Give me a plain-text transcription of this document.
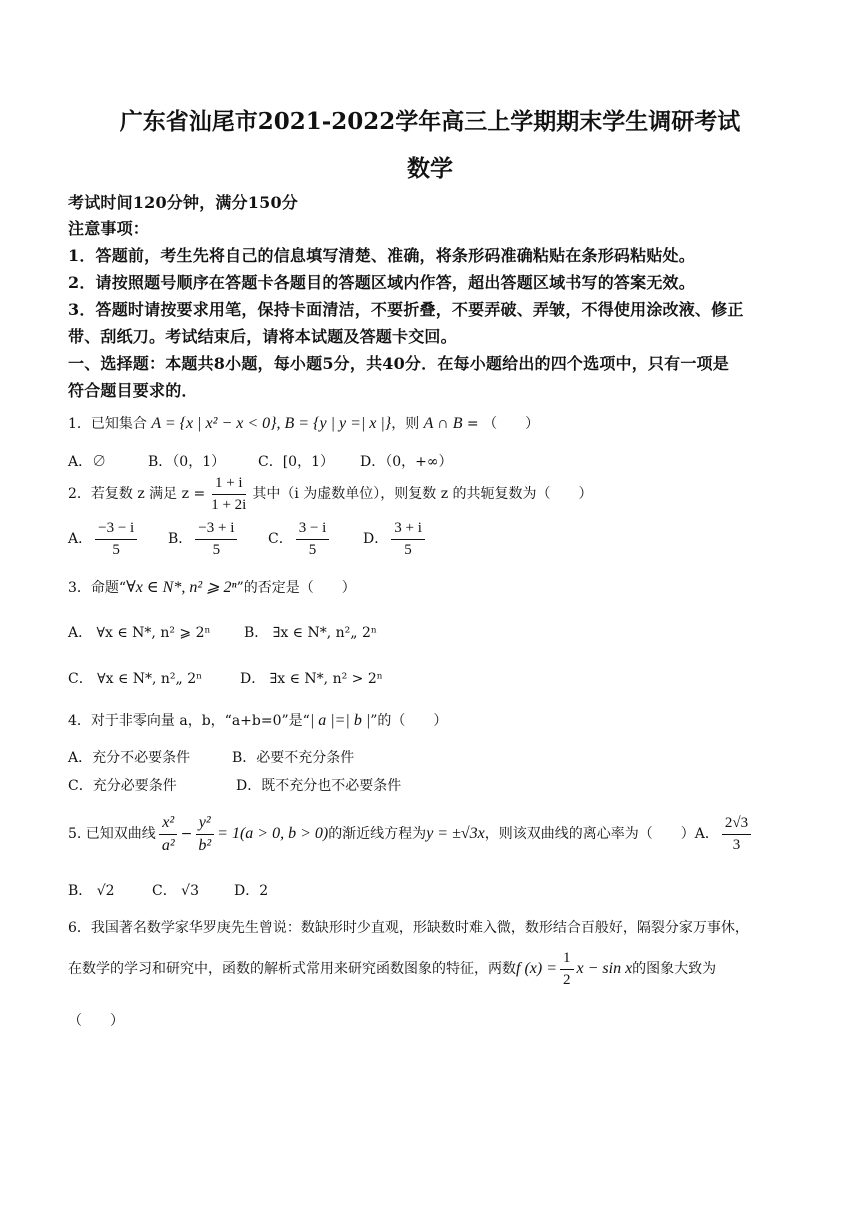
广东省汕尾市2021-2022学年高三上学期期末学生调研考试
数学
考试时间120分钟，满分150分
注意事项：
1．答题前，考生先将自己的信息填写清楚、准确，将条形码准确粘贴在条形码粘贴处。
2．请按照题号顺序在答题卡各题目的答题区域内作答，超出答题区域书写的答案无效。
3．答题时请按要求用笔，保持卡面清洁，不要折叠，不要弄破、弄皱，不得使用涂改液、修正
带、刮纸刀。考试结束后，请将本试题及答题卡交回。
一、选择题：本题共8小题，每小题5分，共40分．在每小题给出的四个选项中，只有一项是
符合题目要求的．
1．已知集合 A = {x | x² − x < 0}, B = {y | y =| x |}，则 A ∩ B = （　　）
A．∅	B．（0，1） C．[0，1） D．（0，+∞）
2．若复数 z 满足 $z = \frac{1 + i}{1 + 2i}$ 其中（i 为虚数单位），则复数 z 的共轭复数为（　　）
A． $\frac{-3 - i}{5}$ B． $\frac{-3 + i}{5}$ C． $\frac{3 - i}{5}$ D． $\frac{3 + i}{5}$
3．命题“∀x ∈ N*, n² ⩾ 2ⁿ”的否定是（　　）
A． ∀x ∈ N*, n² ⩾ 2ⁿ B． ∃x ∈ N*, n²„ 2ⁿ
C． ∀x ∈ N*, n²„ 2ⁿ	D． ∃x ∈ N*, n² > 2ⁿ
4．对于非零向量 a，b，“a+b=0”是“| a |=| b |”的（　　）
A．充分不必要条件	B．必要不充分条件
C．充分必要条件	D．既不充分也不必要条件
5. 已知双曲线 $\frac{\text{x²}}{\text{a²}} - \frac{\text{y²}}{\text{b²}} = 1(a > 0$, b > 0)的渐近线方程为y = ±√3x，则该双曲线的离心率为（　　）A． $\frac{2√3}{3}$
B． √2	C． √3	D．2
6．我国著名数学家华罗庚先生曾说：数缺形时少直观，形缺数时难入微，数形结合百般好，隔裂分家万事休，
在数学的学习和研究中，函数的解析式常用来研究函数图象的特征，两数f $(x) = \frac{1}{2}$ x − sin x的图象大致为
（　　）
